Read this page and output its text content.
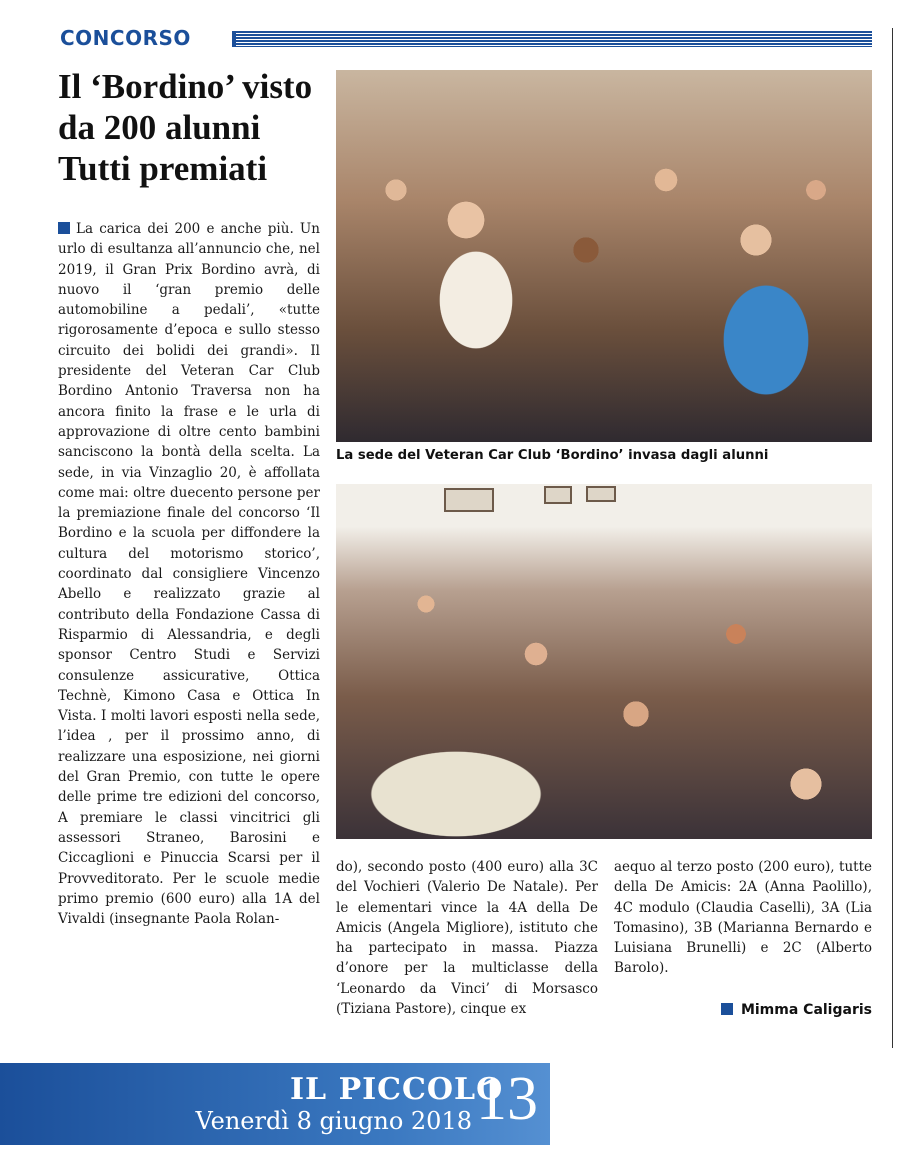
CONCORSO
Il ‘Bordino’ visto da 200 alunni Tutti premiati
La carica dei 200 e anche più. Un urlo di esultanza all’annuncio che, nel 2019, il Gran Prix Bordino avrà, di nuovo il ‘gran premio delle automobiline a pedali’, «tutte rigorosamente d’epoca e sullo stesso circuito dei bolidi dei grandi». Il presidente del Veteran Car Club Bordino Antonio Traversa non ha ancora finito la frase e le urla di approvazione di oltre cento bambini sanciscono la bontà della scelta. La sede, in via Vinzaglio 20, è affollata come mai: oltre duecento persone per la premiazione finale del concorso ‘Il Bordino e la scuola per diffondere la cultura del motorismo storico’, coordinato dal consigliere Vincenzo Abello e realizzato grazie al contributo della Fondazione Cassa di Risparmio di Alessandria, e degli sponsor Centro Studi e Servizi consulenze assicurative, Ottica Technè, Kimono Casa e Ottica In Vista. I molti lavori esposti nella sede, l’idea , per il prossimo anno, di realizzare una esposizione, nei giorni del Gran Premio, con tutte le opere delle prime tre edizioni del concorso, A premiare le classi vincitrici gli assessori Straneo, Barosini e Ciccaglioni e Pinuccia Scarsi per il Provveditorato. Per le scuole medie primo premio (600 euro) alla 1A del Vivaldi (insegnante Paola Rolan-
La sede del Veteran Car Club ‘Bordino’ invasa dagli alunni
do), secondo posto (400 euro) alla 3C del Vochieri (Valerio De Natale). Per le elementari vince la 4A della De Amicis (Angela Migliore), istituto che ha partecipato in massa. Piazza d’onore per la multiclasse della ‘Leonardo da Vinci’ di Morsasco (Tiziana Pastore), cinque ex
aequo al terzo posto (200 euro), tutte della De Amicis: 2A (Anna Paolillo), 4C modulo (Claudia Caselli), 3A (Lia Tomasino), 3B (Marianna Bernardo e Luisiana Brunelli) e 2C (Alberto Barolo).
Mimma Caligaris
IL PICCOLO
Venerdì 8 giugno 2018 13
